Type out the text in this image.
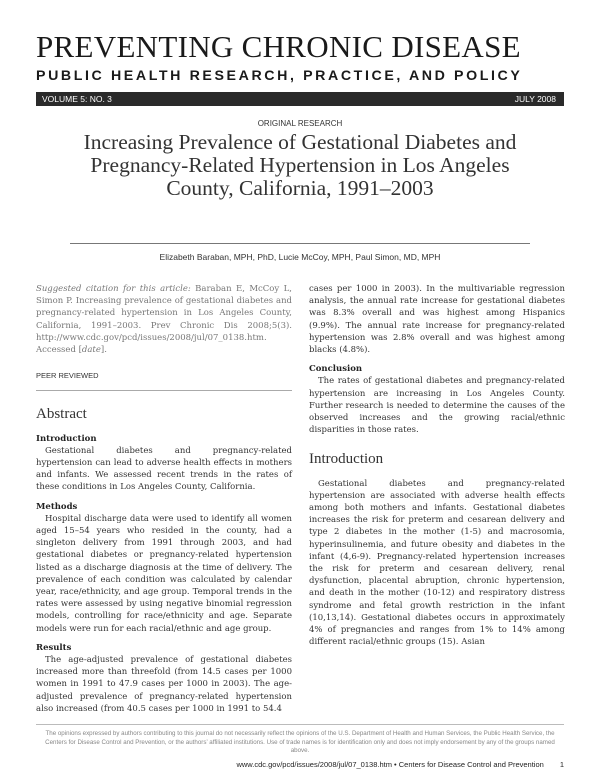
PREVENTING CHRONIC DISEASE
PUBLIC HEALTH RESEARCH, PRACTICE, AND POLICY
VOLUME 5: NO. 3	JULY 2008
ORIGINAL RESEARCH
Increasing Prevalence of Gestational Diabetes and Pregnancy-Related Hypertension in Los Angeles County, California, 1991–2003
Elizabeth Baraban, MPH, PhD, Lucie McCoy, MPH, Paul Simon, MD, MPH

Suggested citation for this article: Baraban E, McCoy L, Simon P. Increasing prevalence of gestational diabetes and pregnancy-related hypertension in Los Angeles County, California, 1991–2003. Prev Chronic Dis 2008;5(3). http://www.cdc.gov/pcd/issues/2008/jul/07_0138.htm. Accessed [date].

PEER REVIEWED
Abstract
Introduction

Gestational diabetes and pregnancy-related hypertension can lead to adverse health effects in mothers and infants. We assessed recent trends in the rates of these conditions in Los Angeles County, California.

Methods

Hospital discharge data were used to identify all women aged 15–54 years who resided in the county, had a singleton delivery from 1991 through 2003, and had gestational diabetes or pregnancy-related hypertension listed as a discharge diagnosis at the time of delivery. The prevalence of each condition was calculated by calendar year, race/ethnicity, and age group. Temporal trends in the rates were assessed by using negative binomial regression models, controlling for race/ethnicity and age. Separate models were run for each racial/ethnic and age group.

Results

The age-adjusted prevalence of gestational diabetes increased more than threefold (from 14.5 cases per 1000 women in 1991 to 47.9 cases per 1000 in 2003). The age-adjusted prevalence of pregnancy-related hypertension also increased (from 40.5 cases per 1000 in 1991 to 54.4

cases per 1000 in 2003). In the multivariable regression analysis, the annual rate increase for gestational diabetes was 8.3% overall and was highest among Hispanics (9.9%). The annual rate increase for pregnancy-related hypertension was 2.8% overall and was highest among blacks (4.8%).

Conclusion

The rates of gestational diabetes and pregnancy-related hypertension are increasing in Los Angeles County. Further research is needed to determine the causes of the observed increases and the growing racial/ethnic disparities in those rates.

Introduction

Gestational diabetes and pregnancy-related hypertension are associated with adverse health effects among both mothers and infants. Gestational diabetes increases the risk for preterm and cesarean delivery and type 2 diabetes in the mother (1-5) and macrosomia, hyperinsulinemia, and future obesity and diabetes in the infant (4,6-9). Pregnancy-related hypertension increases the risk for preterm and cesarean delivery, renal dysfunction, placental abruption, chronic hypertension, and death in the mother (10-12) and respiratory distress syndrome and fetal growth restriction in the infant (10,13,14). Gestational diabetes occurs in approximately 4% of pregnancies and ranges from 1% to 14% among different racial/ethnic groups (15). Asian

The opinions expressed by authors contributing to this journal do not necessarily reflect the opinions of the U.S. Department of Health and Human Services, the Public Health Service, the Centers for Disease Control and Prevention, or the authors’ affiliated institutions. Use of trade names is for identification only and does not imply endorsement by any of the groups named above.
www.cdc.gov/pcd/issues/2008/jul/07_0138.htm • Centers for Disease Control and Prevention 1
